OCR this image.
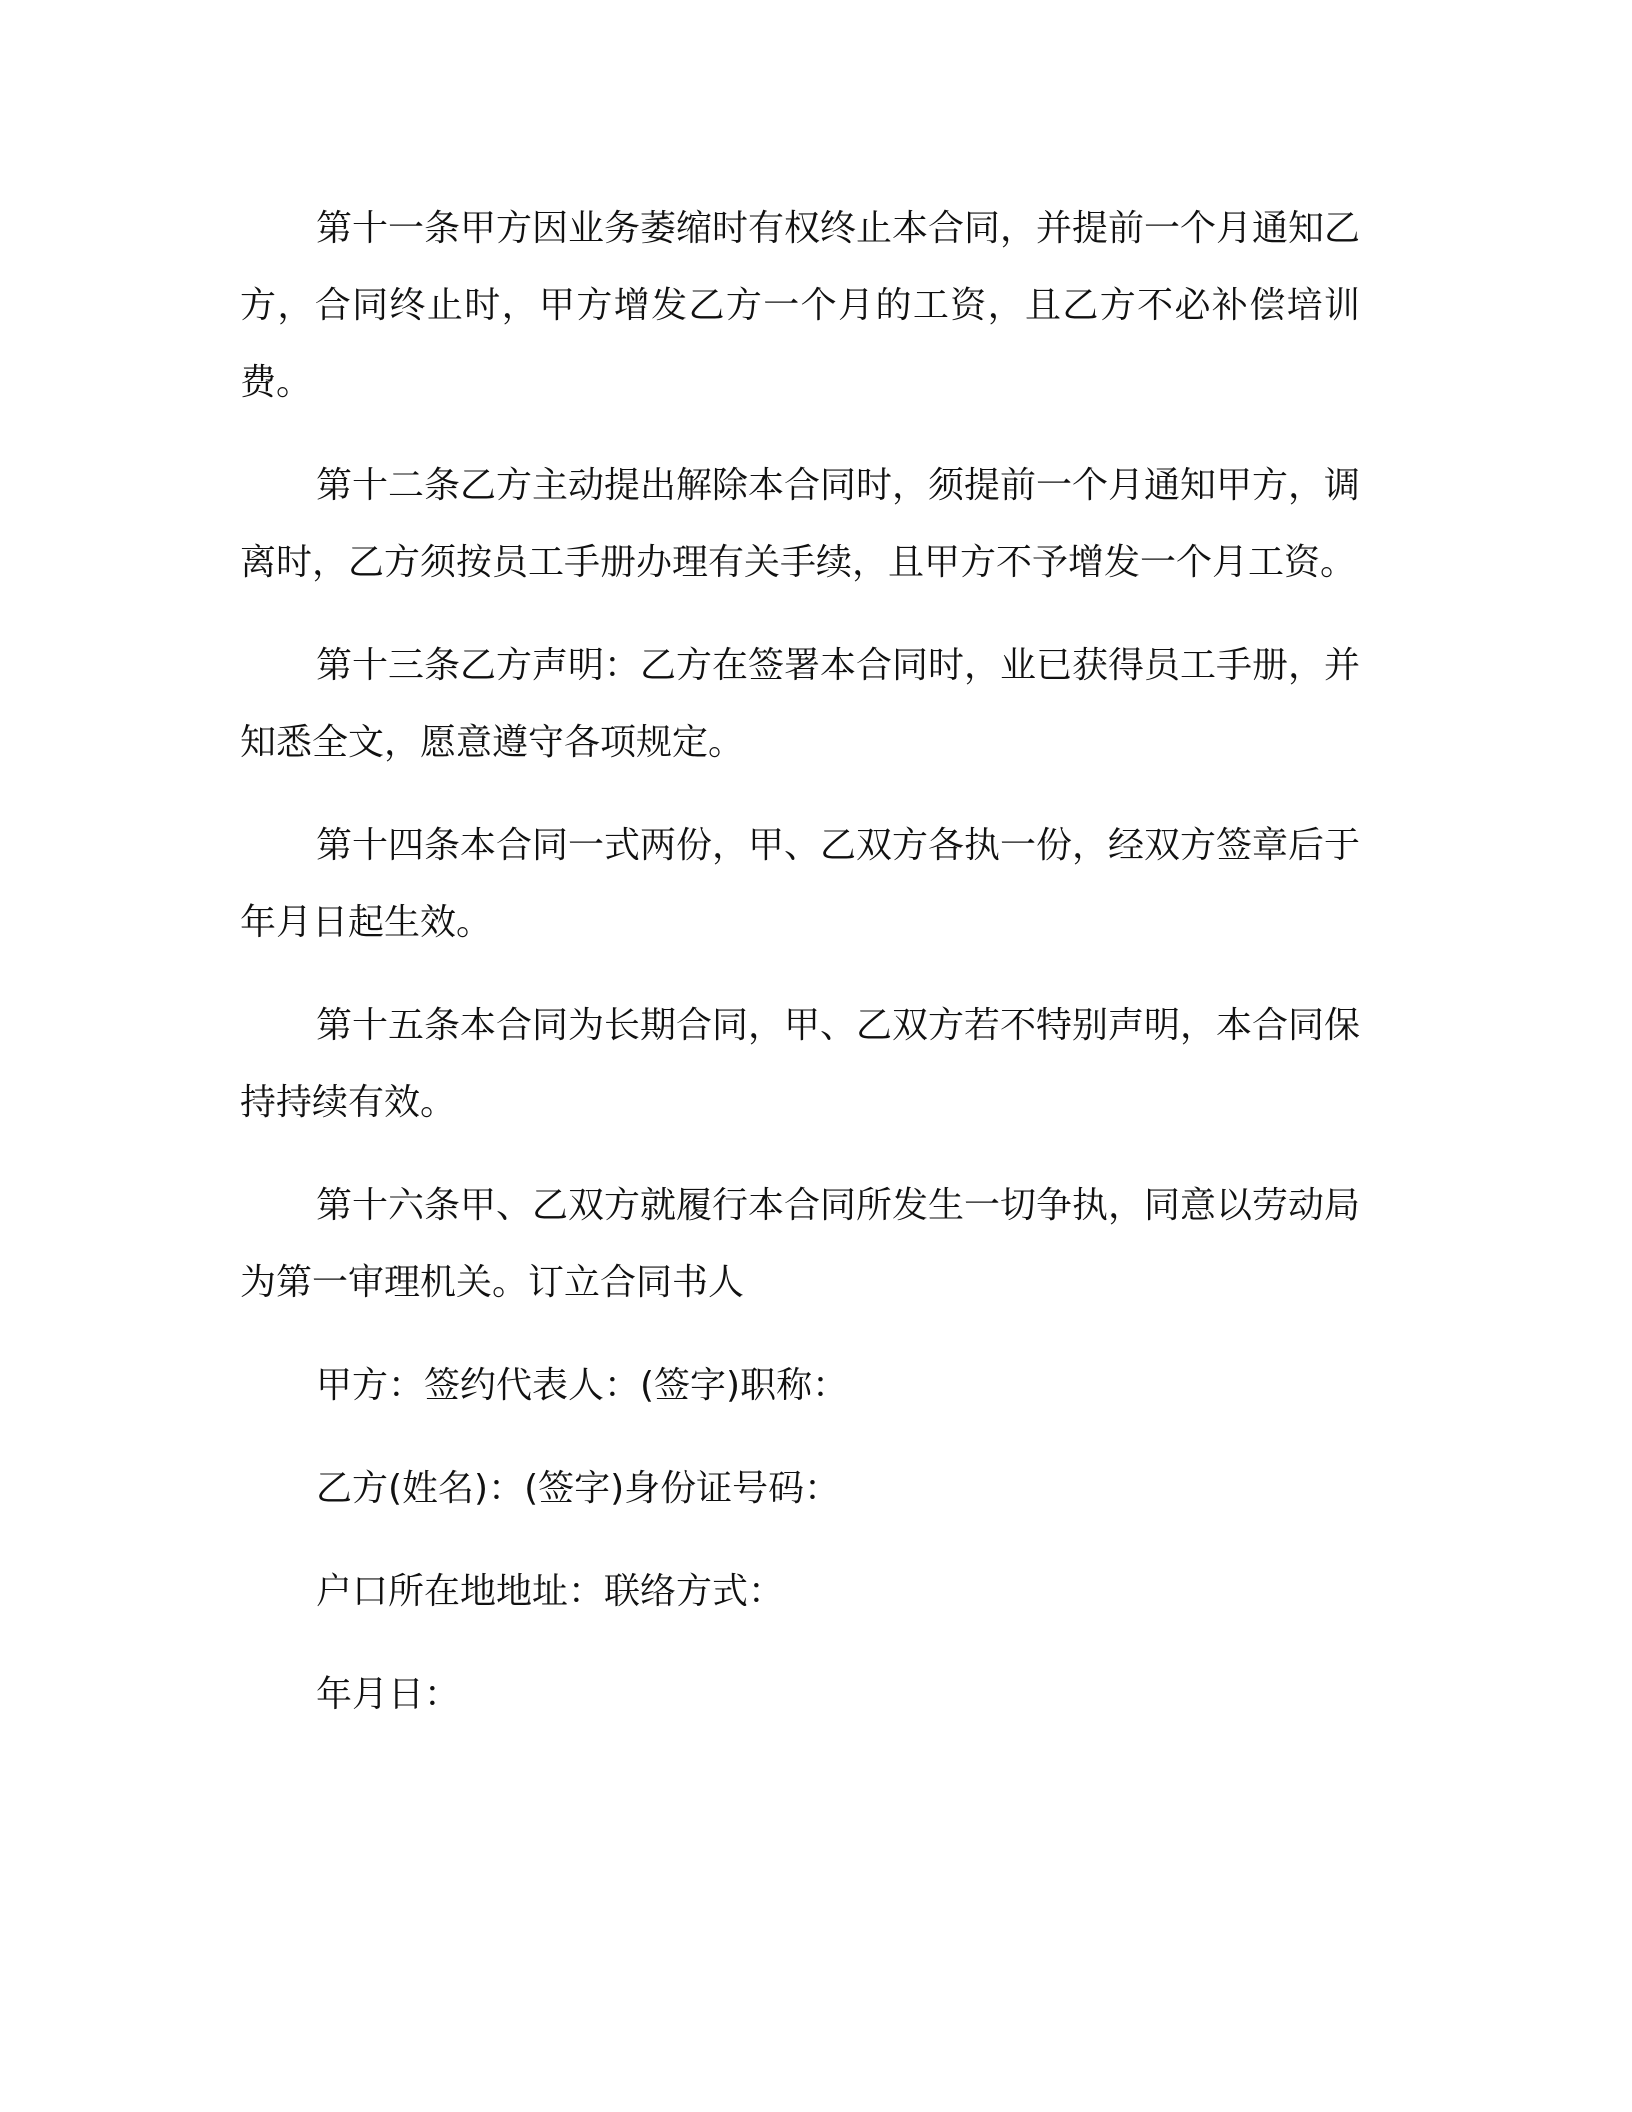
第十一条甲方因业务萎缩时有权终止本合同，并提前一个月通知乙方，合同终止时，甲方增发乙方一个月的工资，且乙方不必补偿培训费。

第十二条乙方主动提出解除本合同时，须提前一个月通知甲方，调离时，乙方须按员工手册办理有关手续，且甲方不予增发一个月工资。

第十三条乙方声明：乙方在签署本合同时，业已获得员工手册，并知悉全文，愿意遵守各项规定。

第十四条本合同一式两份，甲、乙双方各执一份，经双方签章后于年月日起生效。

第十五条本合同为长期合同，甲、乙双方若不特别声明，本合同保持持续有效。

第十六条甲、乙双方就履行本合同所发生一切争执，同意以劳动局为第一审理机关。订立合同书人

甲方：签约代表人：(签字)职称：

乙方(姓名)：(签字)身份证号码：

户口所在地地址：联络方式：

年月日：
